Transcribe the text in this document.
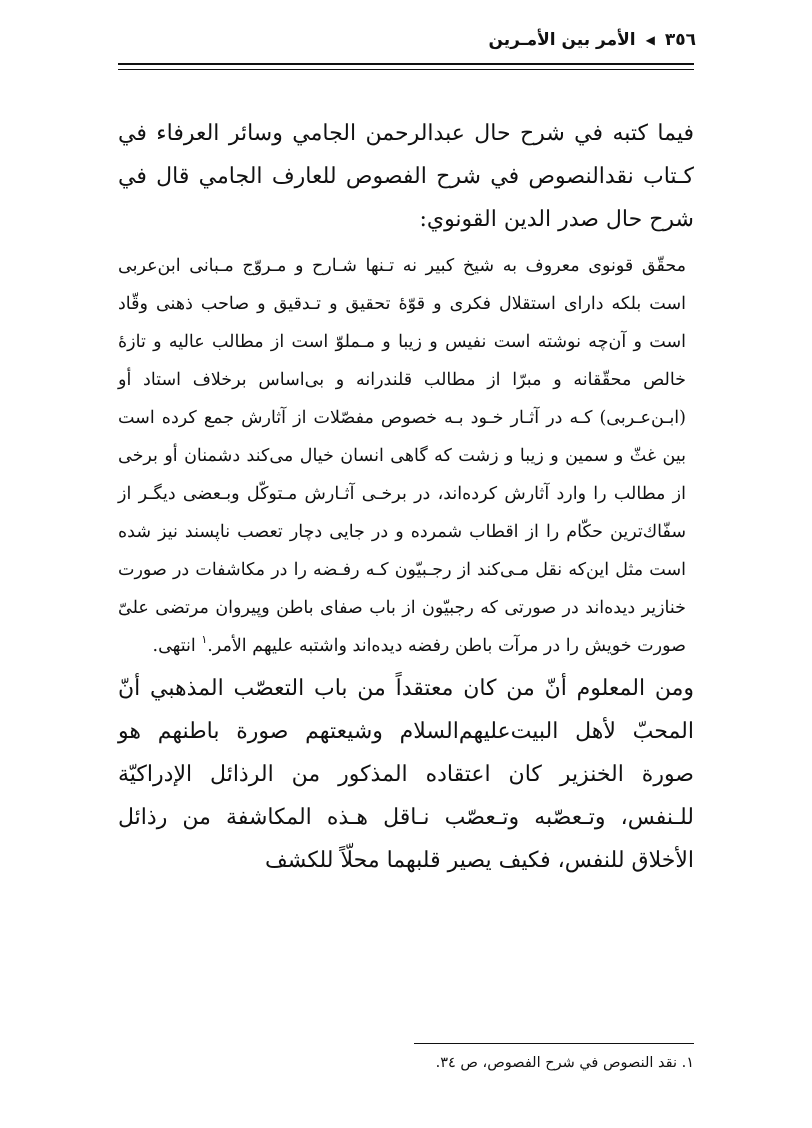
٣٥٦
◀
الأمر بين الأمـرين

فيما كتبه في شرح حال عبدالرحمن الجامي وسائر العرفاء في كـتاب نقدالنصوص في شرح الفصوص للعارف الجامي قال في شرح حال صدر الدين القونوي:

محقّق قونوى معروف به شيخ كبير نه تـنها شـارح و مـروّج مـبانى ابن‌عربى است بلكه داراى استقلال فكرى و قوّهٔ تحقيق و تـدقيق و صاحب ذهنى وقّاد است و آن‌چه نوشته است نفيس و زيبا و مـملوّ است از مطالب عاليه و تازهٔ خالص محقّقانه و مبرّا از مطالب قلندرانه و بى‌اساس برخلاف استاد أو (ابـن‌عـربى) كـه در آثـار خـود بـه خصوص مفصّلات از آثارش جمع كرده است بين غثّ و سمين و زيبا و زشت كه گاهى انسان خيال مى‌كند دشمنان أو برخى از مطالب را وارد آثارش كرده‌اند، در برخـى آثـارش مـتوكّل وبـعضى ديگـر از سفّاك‌ترين حكّام را از اقطاب شمرده و در جايى دچار تعصب ناپسند نيز شده است مثل اين‌كه نقل مـى‌كند از رجـبيّون كـه رفـضه را در مكاشفات در صورت خنازير ديده‌اند در صورتى كه رجبيّون از باب صفاى باطن وپيروان مرتضى علىّ صورت خويش را در مرآت باطن رفضه ديده‌اند واشتبه عليهم الأمر.$^١$ انتهى.

ومن المعلوم أنّ من كان معتقداً من باب التعصّب المذهبي أنّ المحبّ لأهل البيت‌عليهم‌السلام وشيعتهم صورة باطنهم هو صورة الخنزير كان اعتقاده المذكور من الرذائل الإدراكيّة للـنفس، وتـعصّبه وتـعصّب نـاقل هـذه المكاشفة من رذائل الأخلاق للنفس، فكيف يصير قلبهما محلّاً للكشف

١. نقد النصوص في شرح الفصوص، ص ٣٤.
